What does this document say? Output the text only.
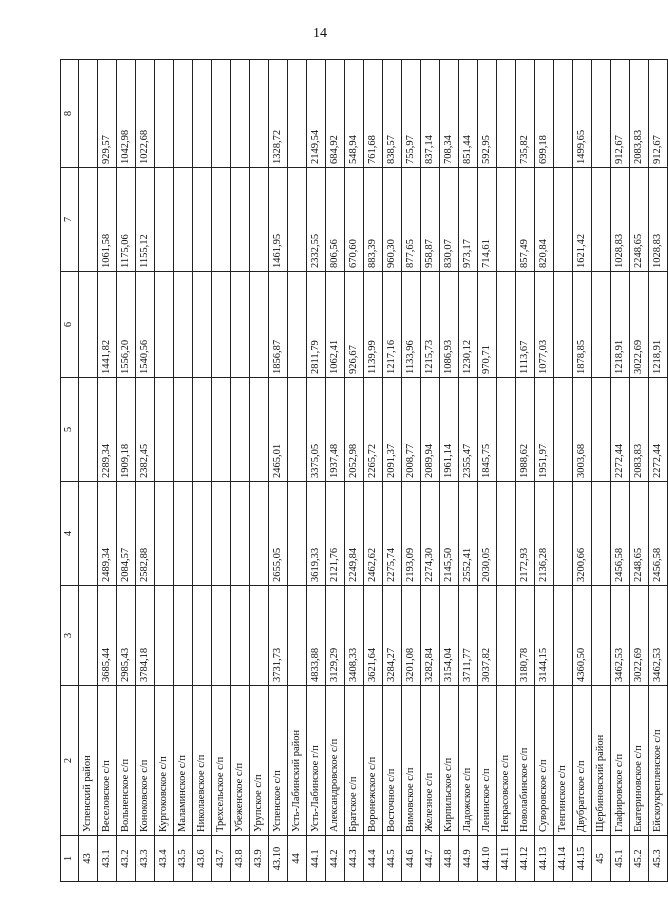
14
1	2	3	4	5	6	7	8
43	Успенский район						
43.1	Веселовское с/п	3685,44	2489,34	2289,34	1441,82	1061,58	929,57
43.2	Вольненское с/п	2985,43	2084,57	1909,18	1556,20	1175,06	1042,98
43.3	Коноковское с/п	3784,18	2582,88	2382,45	1540,56	1155,12	1022,68
43.4	Кургоковское с/п						
43.5	Маламинское с/п						
43.6	Николаевское с/п						
43.7	Трехсельское с/п						
43.8	Убеженское с/п						
43.9	Урупское с/п						
43.10	Успенское с/п	3731,73	2655,05	2465,01	1856,87	1461,95	1328,72
44	Усть-Лабинский район						
44.1	Усть-Лабинское г/п	4833,88	3619,33	3375,05	2811,79	2332,55	2149,54
44.2	Александровское с/п	3129,29	2121,76	1937,48	1062,41	806,56	684,92
44.3	Братское с/п	3408,33	2249,84	2052,98	926,67	670,60	548,94
44.4	Воронежское с/п	3621,64	2462,62	2265,72	1139,99	883,39	761,68
44.5	Восточное с/п	3284,27	2275,74	2091,37	1217,16	960,30	838,57
44.6	Вимовское с/п	3201,08	2193,09	2008,77	1133,96	877,65	755,97
44.7	Железное с/п	3282,84	2274,30	2089,94	1215,73	958,87	837,14
44.8	Кирпильское с/п	3154,04	2145,50	1961,14	1086,93	830,07	708,34
44.9	Ладожское с/п	3711,77	2552,41	2355,47	1230,12	973,17	851,44
44.10	Ленинское с/п	3037,82	2030,05	1845,75	970,71	714,61	592,95
44.11	Некрасовское с/п						
44.12	Новолабинское с/п	3180,78	2172,93	1988,62	1113,67	857,49	735,82
44.13	Суворовское с/п	3144,15	2136,28	1951,97	1077,03	820,84	699,18
44.14	Тенгинское с/п						
44.15	Двубратское с/п	4360,50	3200,66	3003,68	1878,85	1621,42	1499,65
45	Щербиновский район						
45.1	Глафировское с/п	3462,53	2456,58	2272,44	1218,91	1028,83	912,67
45.2	Екатериновское с/п	3022,69	2248,65	2083,83	3022,69	2248,65	2083,83
45.3	Ейскоукрепленское с/п	3462,53	2456,58	2272,44	1218,91	1028,83	912,67
